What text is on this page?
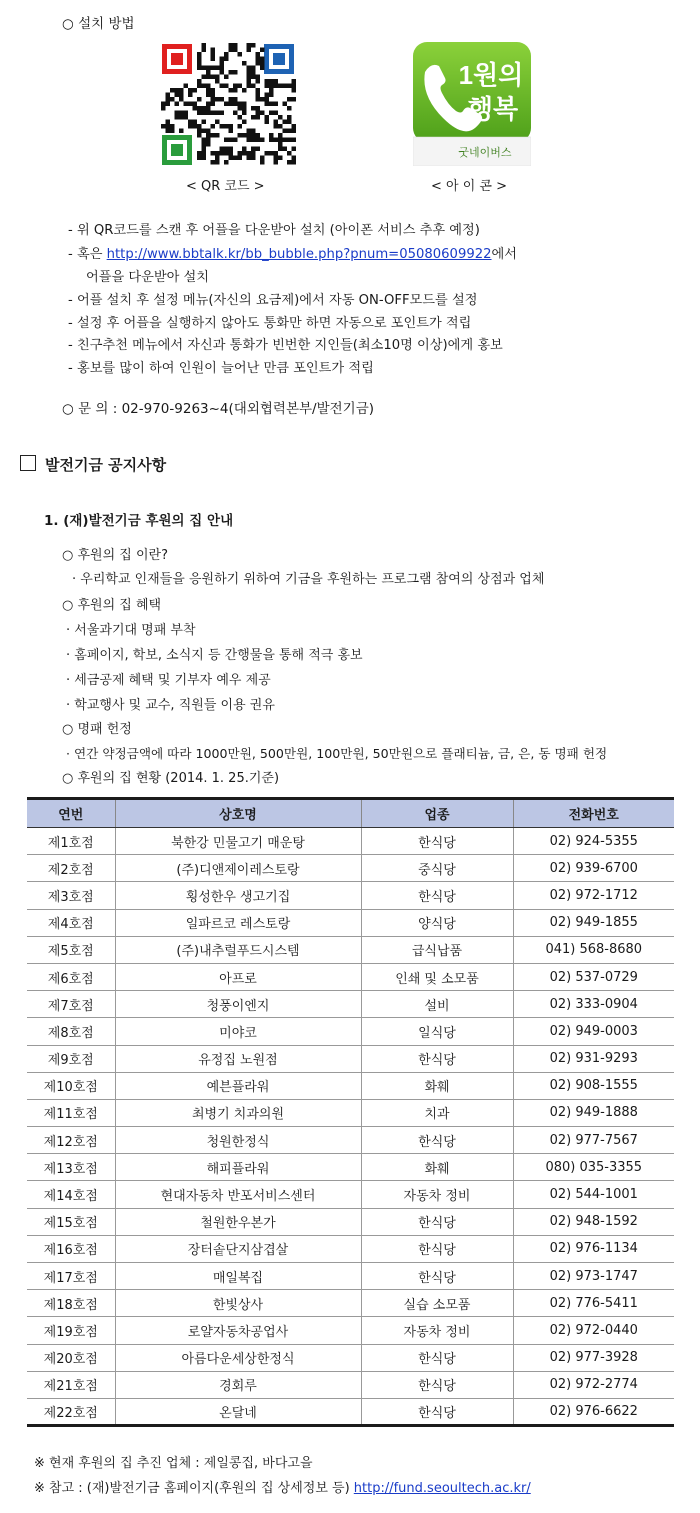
○ 설치 방법
< QR 코드 >
1원의
행복
굿네이버스
< 아 이 콘 >
- 위 QR코드를 스캔 후 어플을 다운받아 설치 (아이폰 서비스 추후 예정)
- 혹은 http://www.bbtalk.kr/bb_bubble.php?pnum=05080609922에서
어플을 다운받아 설치
- 어플 설치 후 설정 메뉴(자신의 요금제)에서 자동 ON-OFF모드를 설정
- 설정 후 어플을 실행하지 않아도 통화만 하면 자동으로 포인트가 적립
- 친구추천 메뉴에서 자신과 통화가 빈번한 지인들(최소10명 이상)에게 홍보
- 홍보를 많이 하여 인원이 늘어난 만큼 포인트가 적립
○ 문 의 : 02-970-9263~4(대외협력본부/발전기금)
발전기금 공지사항
1. (재)발전기금 후원의 집 안내
○ 후원의 집 이란?
· 우리학교 인재들을 응원하기 위하여 기금을 후원하는 프로그램 참여의 상점과 업체
○ 후원의 집 혜택
· 서울과기대 명패 부착
· 홈페이지, 학보, 소식지 등 간행물을 통해 적극 홍보
· 세금공제 혜택 및 기부자 예우 제공
· 학교행사 및 교수, 직원들 이용 권유
○ 명패 헌정
· 연간 약정금액에 따라 1000만원, 500만원, 100만원, 50만원으로 플래티늄, 금, 은, 동 명패 헌정
○ 후원의 집 현황 (2014. 1. 25.기준)
연번	상호명	업종	전화번호
제1호점	북한강 민물고기 매운탕	한식당	02) 924-5355
제2호점	(주)디앤제이레스토랑	중식당	02) 939-6700
제3호점	횡성한우 생고기집	한식당	02) 972-1712
제4호점	일파르코 레스토랑	양식당	02) 949-1855
제5호점	(주)내추럴푸드시스템	급식납품	041) 568-8680
제6호점	아프로	인쇄 및 소모품	02) 537-0729
제7호점	청풍이엔지	설비	02) 333-0904
제8호점	미야코	일식당	02) 949-0003
제9호점	유정집 노원점	한식당	02) 931-9293
제10호점	예븐플라워	화훼	02) 908-1555
제11호점	최병기 치과의원	치과	02) 949-1888
제12호점	청원한정식	한식당	02) 977-7567
제13호점	해피플라워	화훼	080) 035-3355
제14호점	현대자동차 반포서비스센터	자동차 정비	02) 544-1001
제15호점	철원한우본가	한식당	02) 948-1592
제16호점	장터솥단지삼겹살	한식당	02) 976-1134
제17호점	매일복집	한식당	02) 973-1747
제18호점	한빛상사	실습 소모품	02) 776-5411
제19호점	로얄자동차공업사	자동차 정비	02) 972-0440
제20호점	아름다운세상한정식	한식당	02) 977-3928
제21호점	경회루	한식당	02) 972-2774
제22호점	온달네	한식당	02) 976-6622
※ 현재 후원의 집 추진 업체 : 제일콩집, 바다고을
※ 참고 : (재)발전기금 홈페이지(후원의 집 상세정보 등) http://fund.seoultech.ac.kr/
